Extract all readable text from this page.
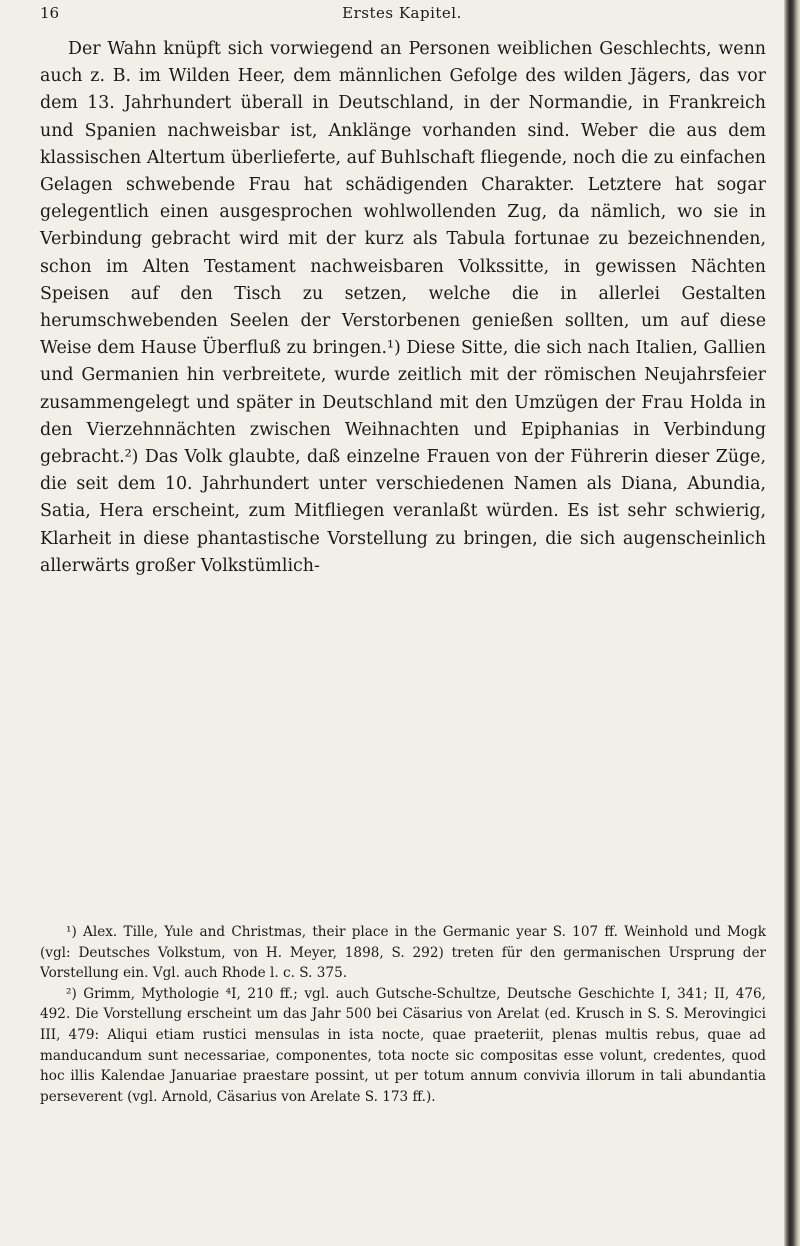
16	Erstes Kapitel.

Der Wahn knüpft sich vorwiegend an Personen weiblichen Geschlechts, wenn auch z. B. im Wilden Heer, dem männlichen Gefolge des wilden Jägers, das vor dem 13. Jahrhundert überall in Deutschland, in der Normandie, in Frankreich und Spanien nachweisbar ist, Anklänge vorhanden sind. Weber die aus dem klassischen Altertum überlieferte, auf Buhlschaft fliegende, noch die zu einfachen Gelagen schwebende Frau hat schädigenden Charakter. Letztere hat sogar gelegentlich einen ausgesprochen wohlwollenden Zug, da nämlich, wo sie in Verbindung gebracht wird mit der kurz als Tabula fortunae zu bezeichnenden, schon im Alten Testament nachweisbaren Volkssitte, in gewissen Nächten Speisen auf den Tisch zu setzen, welche die in allerlei Gestalten herumschwebenden Seelen der Verstorbenen genießen sollten, um auf diese Weise dem Hause Überfluß zu bringen.¹) Diese Sitte, die sich nach Italien, Gallien und Germanien hin verbreitete, wurde zeitlich mit der römischen Neujahrsfeier zusammengelegt und später in Deutschland mit den Umzügen der Frau Holda in den Vierzehnnächten zwischen Weihnachten und Epiphanias in Verbindung gebracht.²) Das Volk glaubte, daß einzelne Frauen von der Führerin dieser Züge, die seit dem 10. Jahrhundert unter verschiedenen Namen als Diana, Abundia, Satia, Hera erscheint, zum Mitfliegen veranlaßt würden. Es ist sehr schwierig, Klarheit in diese phantastische Vorstellung zu bringen, die sich augenscheinlich allerwärts großer Volkstümlich-

¹) Alex. Tille, Yule and Christmas, their place in the Germanic year S. 107 ff. Weinhold und Mogk (vgl: Deutsches Volkstum, von H. Meyer, 1898, S. 292) treten für den germanischen Ursprung der Vorstellung ein. Vgl. auch Rhode l. c. S. 375.

²) Grimm, Mythologie ⁴I, 210 ff.; vgl. auch Gutsche-Schultze, Deutsche Geschichte I, 341; II, 476, 492. Die Vorstellung erscheint um das Jahr 500 bei Cäsarius von Arelat (ed. Krusch in S. S. Merovingici III, 479: Aliqui etiam rustici mensulas in ista nocte, quae praeteriit, plenas multis rebus, quae ad manducandum sunt necessariae, componentes, tota nocte sic compositas esse volunt, credentes, quod hoc illis Kalendae Januariae praestare possint, ut per totum annum convivia illorum in tali abundantia perseverent (vgl. Arnold, Cäsarius von Arelate S. 173 ff.).
